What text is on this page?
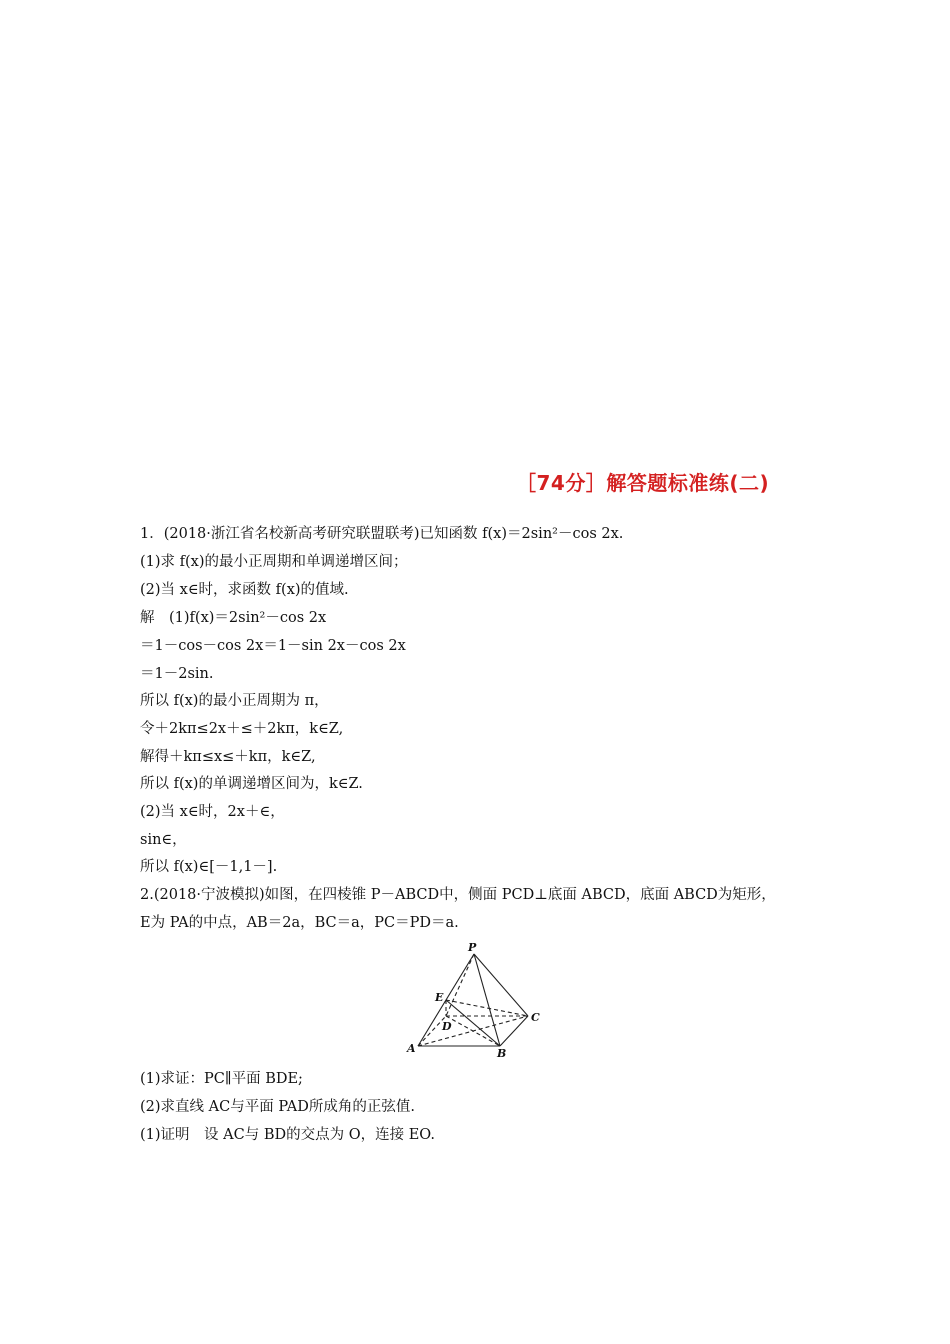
［74分］解答题标准练(二)
1．(2018·浙江省名校新高考研究联盟联考)已知函数 f(x)＝2sin²－cos 2x.
(1)求 f(x)的最小正周期和单调递增区间；
(2)当 x∈时，求函数 f(x)的值域.
解　(1)f(x)＝2sin²－cos 2x
＝1－cos－cos 2x＝1－sin 2x－cos 2x
＝1－2sin.
所以 f(x)的最小正周期为 π，
令＋2kπ≤2x＋≤＋2kπ，k∈Z,
解得＋kπ≤x≤＋kπ，k∈Z,
所以 f(x)的单调递增区间为，k∈Z.
(2)当 x∈时，2x＋∈，
sin∈，
所以 f(x)∈[－1,1－].
2.(2018·宁波模拟)如图，在四棱锥 P－ABCD中，侧面 PCD⊥底面 ABCD，底面 ABCD为矩形，
E为 PA的中点，AB＝2a，BC＝a，PC＝PD＝a.
P
E
D
C
A	B
(1)求证：PC∥平面 BDE;
(2)求直线 AC与平面 PAD所成角的正弦值.
(1)证明　设 AC与 BD的交点为 O，连接 EO.
